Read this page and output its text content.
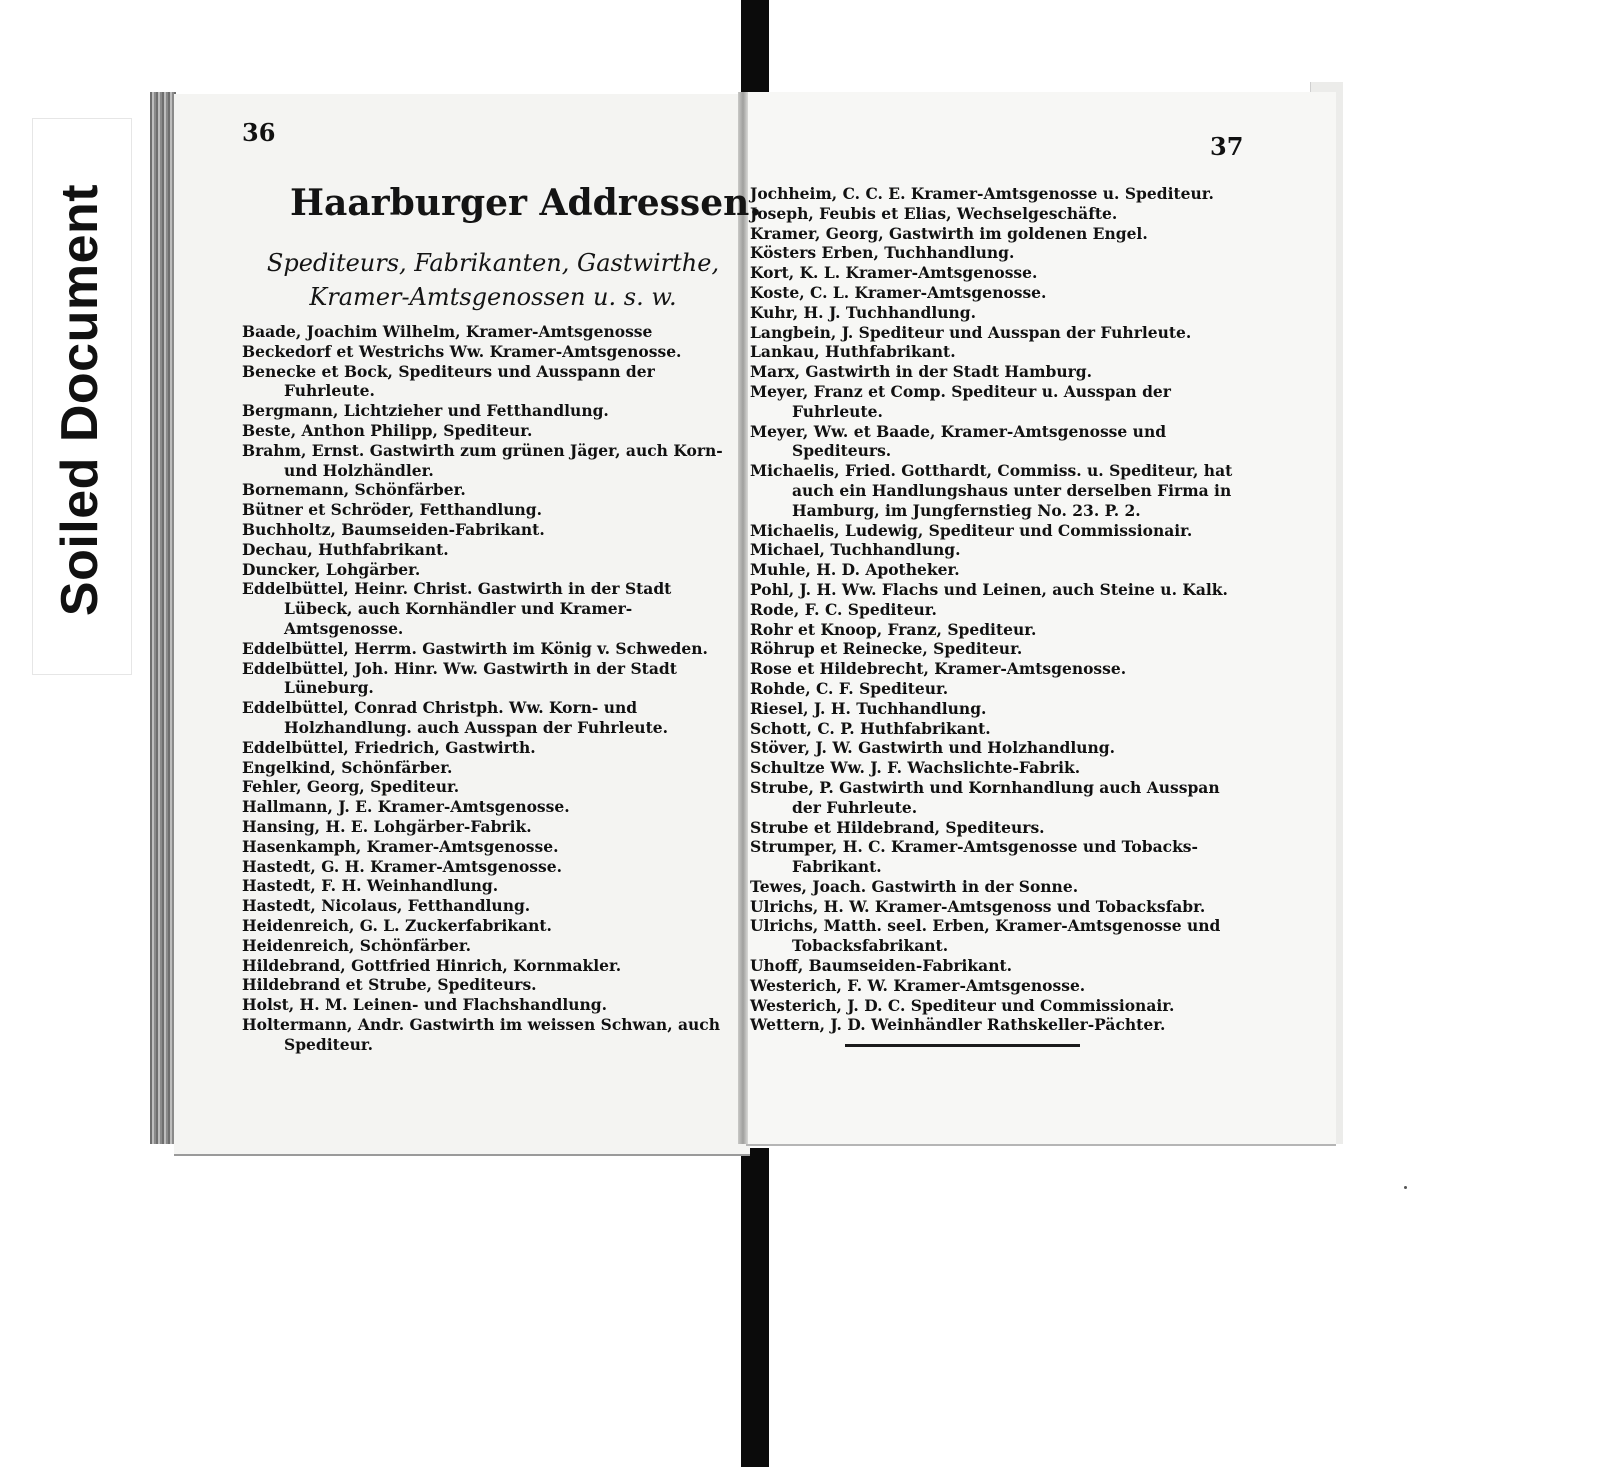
Soiled Document
36	37
Haarburger Addressen.
Spediteurs, Fabrikanten, Gastwirthe,
Kramer-Amtsgenossen u. s. w.
Baade, Joachim Wilhelm, Kramer-Amtsgenosse
Beckedorf et Westrichs Ww. Kramer-Amtsgenosse.
Benecke et Bock, Spediteurs und Ausspann der Fuhrleute.
Bergmann, Lichtzieher und Fetthandlung.
Beste, Anthon Philipp, Spediteur.
Brahm, Ernst. Gastwirth zum grünen Jäger, auch Korn- und Holzhändler.
Bornemann, Schönfärber.
Bütner et Schröder, Fetthandlung.
Buchholtz, Baumseiden-Fabrikant.
Dechau, Huthfabrikant.
Duncker, Lohgärber.
Eddelbüttel, Heinr. Christ. Gastwirth in der Stadt Lübeck, auch Kornhändler und Kramer-Amtsgenosse.
Eddelbüttel, Herrm. Gastwirth im König v. Schweden.
Eddelbüttel, Joh. Hinr. Ww. Gastwirth in der Stadt Lüneburg.
Eddelbüttel, Conrad Christph. Ww. Korn- und Holzhandlung. auch Ausspan der Fuhrleute.
Eddelbüttel, Friedrich, Gastwirth.
Engelkind, Schönfärber.
Fehler, Georg, Spediteur.
Hallmann, J. E. Kramer-Amtsgenosse.
Hansing, H. E. Lohgärber-Fabrik.
Hasenkamph, Kramer-Amtsgenosse.
Hastedt, G. H. Kramer-Amtsgenosse.
Hastedt, F. H. Weinhandlung.
Hastedt, Nicolaus, Fetthandlung.
Heidenreich, G. L. Zuckerfabrikant.
Heidenreich, Schönfärber.
Hildebrand, Gottfried Hinrich, Kornmakler.
Hildebrand et Strube, Spediteurs.
Holst, H. M. Leinen- und Flachshandlung.
Holtermann, Andr. Gastwirth im weissen Schwan, auch Spediteur.
Jochheim, C. C. E. Kramer-Amtsgenosse u. Spediteur.
Joseph, Feubis et Elias, Wechselgeschäfte.
Kramer, Georg, Gastwirth im goldenen Engel.
Kösters Erben, Tuchhandlung.
Kort, K. L. Kramer-Amtsgenosse.
Koste, C. L. Kramer-Amtsgenosse.
Kuhr, H. J. Tuchhandlung.
Langbein, J. Spediteur und Ausspan der Fuhrleute.
Lankau, Huthfabrikant.
Marx, Gastwirth in der Stadt Hamburg.
Meyer, Franz et Comp. Spediteur u. Ausspan der Fuhrleute.
Meyer, Ww. et Baade, Kramer-Amtsgenosse und Spediteurs.
Michaelis, Fried. Gotthardt, Commiss. u. Spediteur, hat auch ein Handlungshaus unter derselben Firma in Hamburg, im Jungfernstieg No. 23. P. 2.
Michaelis, Ludewig, Spediteur und Commissionair.
Michael, Tuchhandlung.
Muhle, H. D. Apotheker.
Pohl, J. H. Ww. Flachs und Leinen, auch Steine u. Kalk.
Rode, F. C. Spediteur.
Rohr et Knoop, Franz, Spediteur.
Röhrup et Reinecke, Spediteur.
Rose et Hildebrecht, Kramer-Amtsgenosse.
Rohde, C. F. Spediteur.
Riesel, J. H. Tuchhandlung.
Schott, C. P. Huthfabrikant.
Stöver, J. W. Gastwirth und Holzhandlung.
Schultze Ww. J. F. Wachslichte-Fabrik.
Strube, P. Gastwirth und Kornhandlung auch Ausspan der Fuhrleute.
Strube et Hildebrand, Spediteurs.
Strumper, H. C. Kramer-Amtsgenosse und Tobacks-Fabrikant.
Tewes, Joach. Gastwirth in der Sonne.
Ulrichs, H. W. Kramer-Amtsgenoss und Tobacksfabr.
Ulrichs, Matth. seel. Erben, Kramer-Amtsgenosse und Tobacksfabrikant.
Uhoff, Baumseiden-Fabrikant.
Westerich, F. W. Kramer-Amtsgenosse.
Westerich, J. D. C. Spediteur und Commissionair.
Wettern, J. D. Weinhändler Rathskeller-Pächter.
